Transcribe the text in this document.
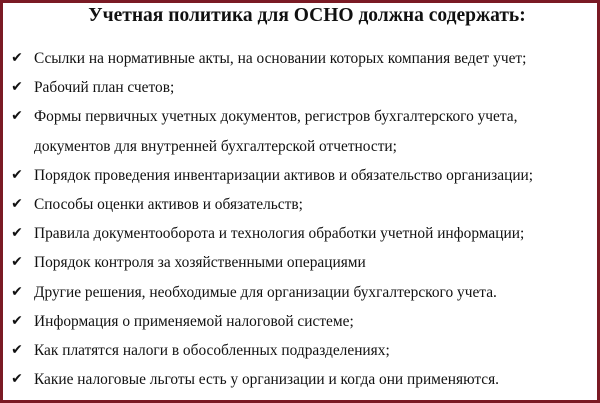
Учетная политика для ОСНО должна содержать:
✔ Ссылки на нормативные акты, на основании которых компания ведет учет;
✔ Рабочий план счетов;
✔ Формы первичных учетных документов, регистров бухгалтерского учета,
документов для внутренней бухгалтерской отчетности;
✔ Порядок проведения инвентаризации активов и обязательство организации;
✔ Способы оценки активов и обязательств;
✔ Правила документооборота и технология обработки учетной информации;
✔ Порядок контроля за хозяйственными операциями
✔ Другие решения, необходимые для организации бухгалтерского учета.
✔ Информация о применяемой налоговой системе;
✔ Как платятся налоги в обособленных подразделениях;
✔ Какие налоговые льготы есть у организации и когда они применяются.
